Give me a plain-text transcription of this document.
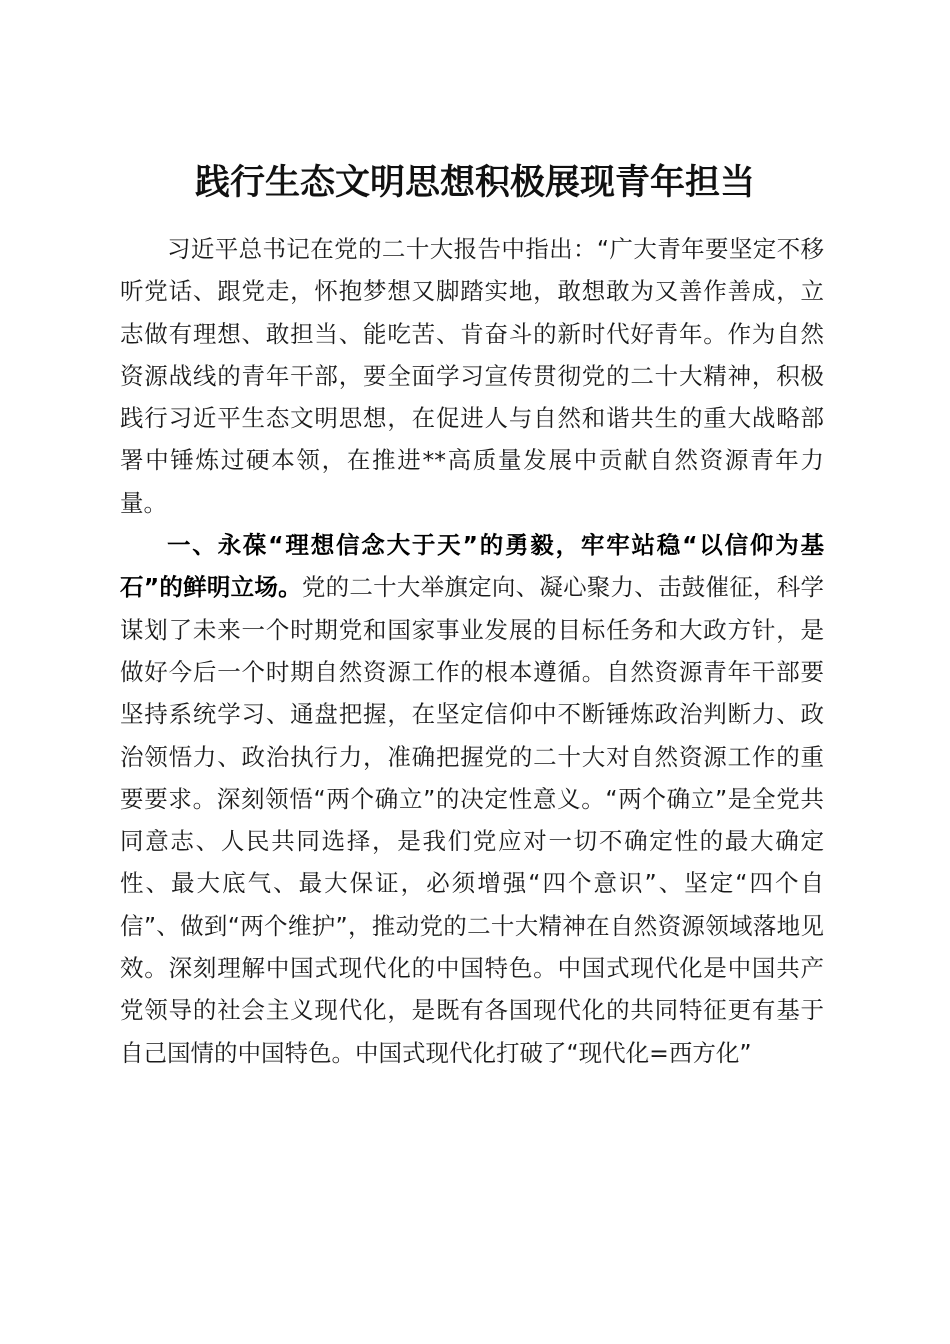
践行生态文明思想积极展现青年担当

习近平总书记在党的二十大报告中指出：“广大青年要坚定不移听党话、跟党走，怀抱梦想又脚踏实地，敢想敢为又善作善成，立志做有理想、敢担当、能吃苦、肯奋斗的新时代好青年。作为自然资源战线的青年干部，要全面学习宣传贯彻党的二十大精神，积极践行习近平生态文明思想，在促进人与自然和谐共生的重大战略部署中锤炼过硬本领，在推进**高质量发展中贡献自然资源青年力量。

一、永葆“理想信念大于天”的勇毅，牢牢站稳“以信仰为基石”的鲜明立场。党的二十大举旗定向、凝心聚力、击鼓催征，科学谋划了未来一个时期党和国家事业发展的目标任务和大政方针，是做好今后一个时期自然资源工作的根本遵循。自然资源青年干部要坚持系统学习、通盘把握，在坚定信仰中不断锤炼政治判断力、政治领悟力、政治执行力，准确把握党的二十大对自然资源工作的重要要求。深刻领悟“两个确立”的决定性意义。“两个确立”是全党共同意志、人民共同选择，是我们党应对一切不确定性的最大确定性、最大底气、最大保证，必须增强“四个意识”、坚定“四个自信”、做到“两个维护”，推动党的二十大精神在自然资源领域落地见效。深刻理解中国式现代化的中国特色。中国式现代化是中国共产党领导的社会主义现代化，是既有各国现代化的共同特征更有基于自己国情的中国特色。中国式现代化打破了“现代化=西方化”
